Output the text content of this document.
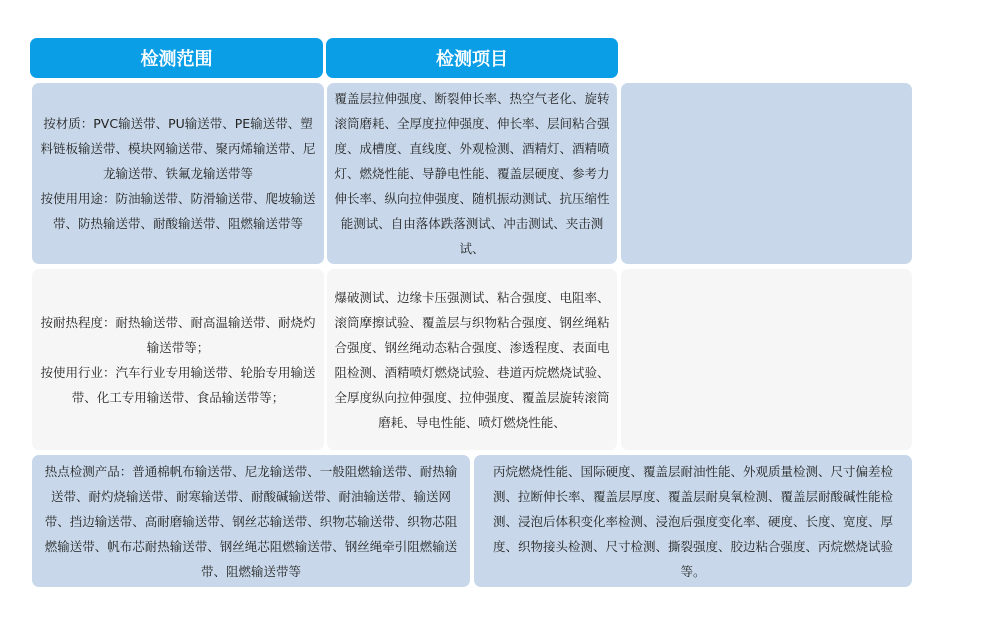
检测范围	检测项目

按材质：PVC输送带、PU输送带、PE输送带、塑料链板输送带、模块网输送带、聚丙烯输送带、尼龙输送带、铁氟龙输送带等

按使用用途：防油输送带、防滑输送带、爬坡输送带、防热输送带、耐酸输送带、阻燃输送带等

覆盖层拉伸强度、断裂伸长率、热空气老化、旋转滚筒磨耗、全厚度拉伸强度、伸长率、层间粘合强度、成槽度、直线度、外观检测、酒精灯、酒精喷灯、燃烧性能、导静电性能、覆盖层硬度、参考力伸长率、纵向拉伸强度、随机振动测试、抗压缩性能测试、自由落体跌落测试、冲击测试、夹击测试、

按耐热程度：耐热输送带、耐高温输送带、耐烧灼输送带等；

按使用行业：汽车行业专用输送带、轮胎专用输送带、化工专用输送带、食品输送带等；

爆破测试、边缘卡压强测试、粘合强度、电阻率、滚筒摩擦试验、覆盖层与织物粘合强度、钢丝绳粘合强度、钢丝绳动态粘合强度、渗透程度、表面电阻检测、酒精喷灯燃烧试验、巷道丙烷燃烧试验、全厚度纵向拉伸强度、拉伸强度、覆盖层旋转滚筒磨耗、导电性能、喷灯燃烧性能、

热点检测产品：普通棉帆布输送带、尼龙输送带、一般阻燃输送带、耐热输送带、耐灼烧输送带、耐寒输送带、耐酸碱输送带、耐油输送带、输送网带、挡边输送带、高耐磨输送带、钢丝芯输送带、织物芯输送带、织物芯阻燃输送带、帆布芯耐热输送带、钢丝绳芯阻燃输送带、钢丝绳牵引阻燃输送带、阻燃输送带等

丙烷燃烧性能、国际硬度、覆盖层耐油性能、外观质量检测、尺寸偏差检测、拉断伸长率、覆盖层厚度、覆盖层耐臭氧检测、覆盖层耐酸碱性能检测、浸泡后体积变化率检测、浸泡后强度变化率、硬度、长度、宽度、厚度、织物接头检测、尺寸检测、撕裂强度、胶边粘合强度、丙烷燃烧试验等。
